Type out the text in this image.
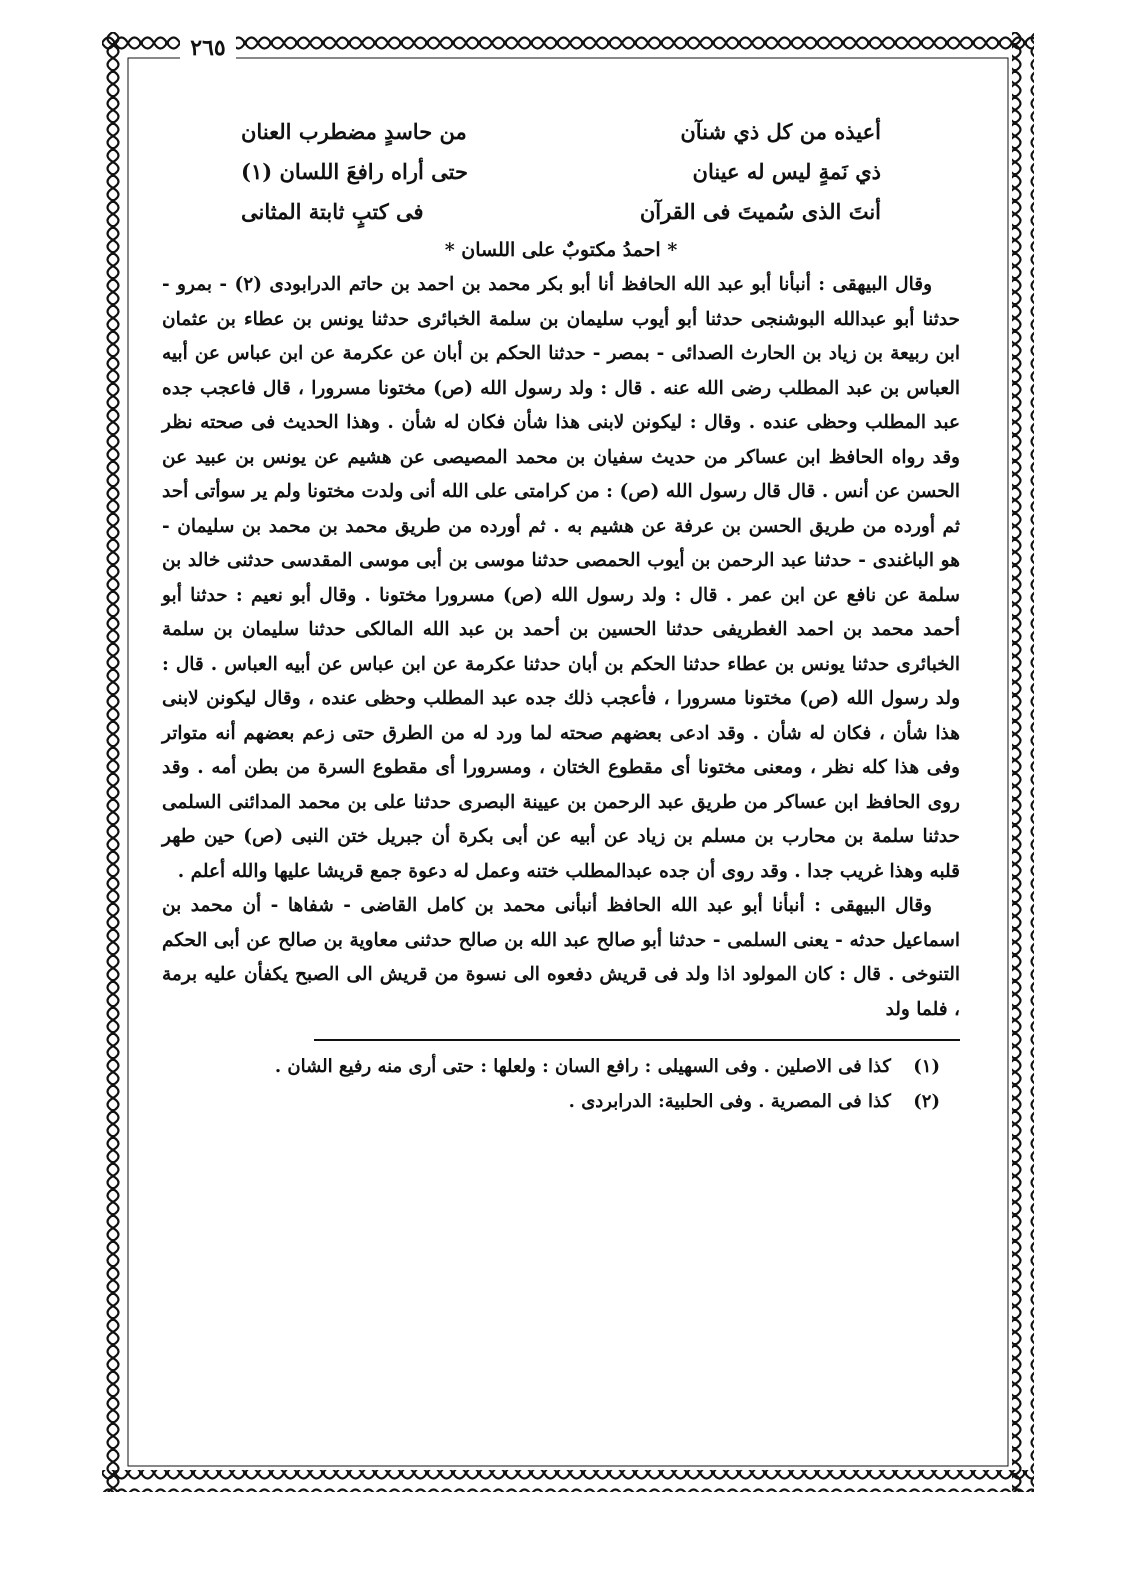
٢٦٥
أعيذه من كل ذي شنآن
من حاسدٍ مضطرب العنان
ذي نَمةٍ ليس له عينان
حتى أراه رافعَ اللسان (١)
أنتَ الذى سُميتَ فى القرآن
فى كتبٍ ثابتة المثانى
* احمدُ مكتوبٌ على اللسان *

وقال البيهقى : أنبأنا أبو عبد الله الحافظ أنا أبو بكر محمد بن احمد بن حاتم الدرابودى (٢) - بمرو - حدثنا أبو عبدالله البوشنجى حدثنا أبو أيوب سليمان بن سلمة الخبائرى حدثنا يونس بن عطاء بن عثمان ابن ربيعة بن زياد بن الحارث الصدائى - بمصر - حدثنا الحكم بن أبان عن عكرمة عن ابن عباس عن أبيه العباس بن عبد المطلب رضى الله عنه . قال : ولد رسول الله (ص) مختونا مسرورا ، قال فاعجب جده عبد المطلب وحظى عنده . وقال : ليكونن لابنى هذا شأن فكان له شأن . وهذا الحديث فى صحته نظر وقد رواه الحافظ ابن عساكر من حديث سفيان بن محمد المصيصى عن هشيم عن يونس بن عبيد عن الحسن عن أنس . قال قال رسول الله (ص) : من كرامتى على الله أنى ولدت مختونا ولم ير سوأتى أحد ثم أورده من طريق الحسن بن عرفة عن هشيم به . ثم أورده من طريق محمد بن محمد بن سليمان - هو الباغندى - حدثنا عبد الرحمن بن أيوب الحمصى حدثنا موسى بن أبى موسى المقدسى حدثنى خالد بن سلمة عن نافع عن ابن عمر . قال : ولد رسول الله (ص) مسرورا مختونا . وقال أبو نعيم : حدثنا أبو أحمد محمد بن احمد الغطريفى حدثنا الحسين بن أحمد بن عبد الله المالكى حدثنا سليمان بن سلمة الخبائرى حدثنا يونس بن عطاء حدثنا الحكم بن أبان حدثنا عكرمة عن ابن عباس عن أبيه العباس . قال : ولد رسول الله (ص) مختونا مسرورا ، فأعجب ذلك جده عبد المطلب وحظى عنده ، وقال ليكونن لابنى هذا شأن ، فكان له شأن . وقد ادعى بعضهم صحته لما ورد له من الطرق حتى زعم بعضهم أنه متواتر وفى هذا كله نظر ، ومعنى مختونا أى مقطوع الختان ، ومسرورا أى مقطوع السرة من بطن أمه . وقد روى الحافظ ابن عساكر من طريق عبد الرحمن بن عيينة البصرى حدثنا على بن محمد المدائنى السلمى حدثنا سلمة بن محارب بن مسلم بن زياد عن أبيه عن أبى بكرة أن جبريل ختن النبى (ص) حين طهر قلبه وهذا غريب جدا . وقد روى أن جده عبدالمطلب ختنه وعمل له دعوة جمع قريشا عليها والله أعلم .

وقال البيهقى : أنبأنا أبو عبد الله الحافظ أنبأنى محمد بن كامل القاضى - شفاها - أن محمد بن اسماعيل حدثه - يعنى السلمى - حدثنا أبو صالح عبد الله بن صالح حدثنى معاوية بن صالح عن أبى الحكم التنوخى . قال : كان المولود اذا ولد فى قريش دفعوه الى نسوة من قريش الى الصبح يكفأن عليه برمة ، فلما ولد

(١) كذا فى الاصلين . وفى السهيلى : رافع السان : ولعلها : حتى أرى منه رفيع الشان .
(٢) كذا فى المصرية . وفى الحلبية: الدرابردى .
